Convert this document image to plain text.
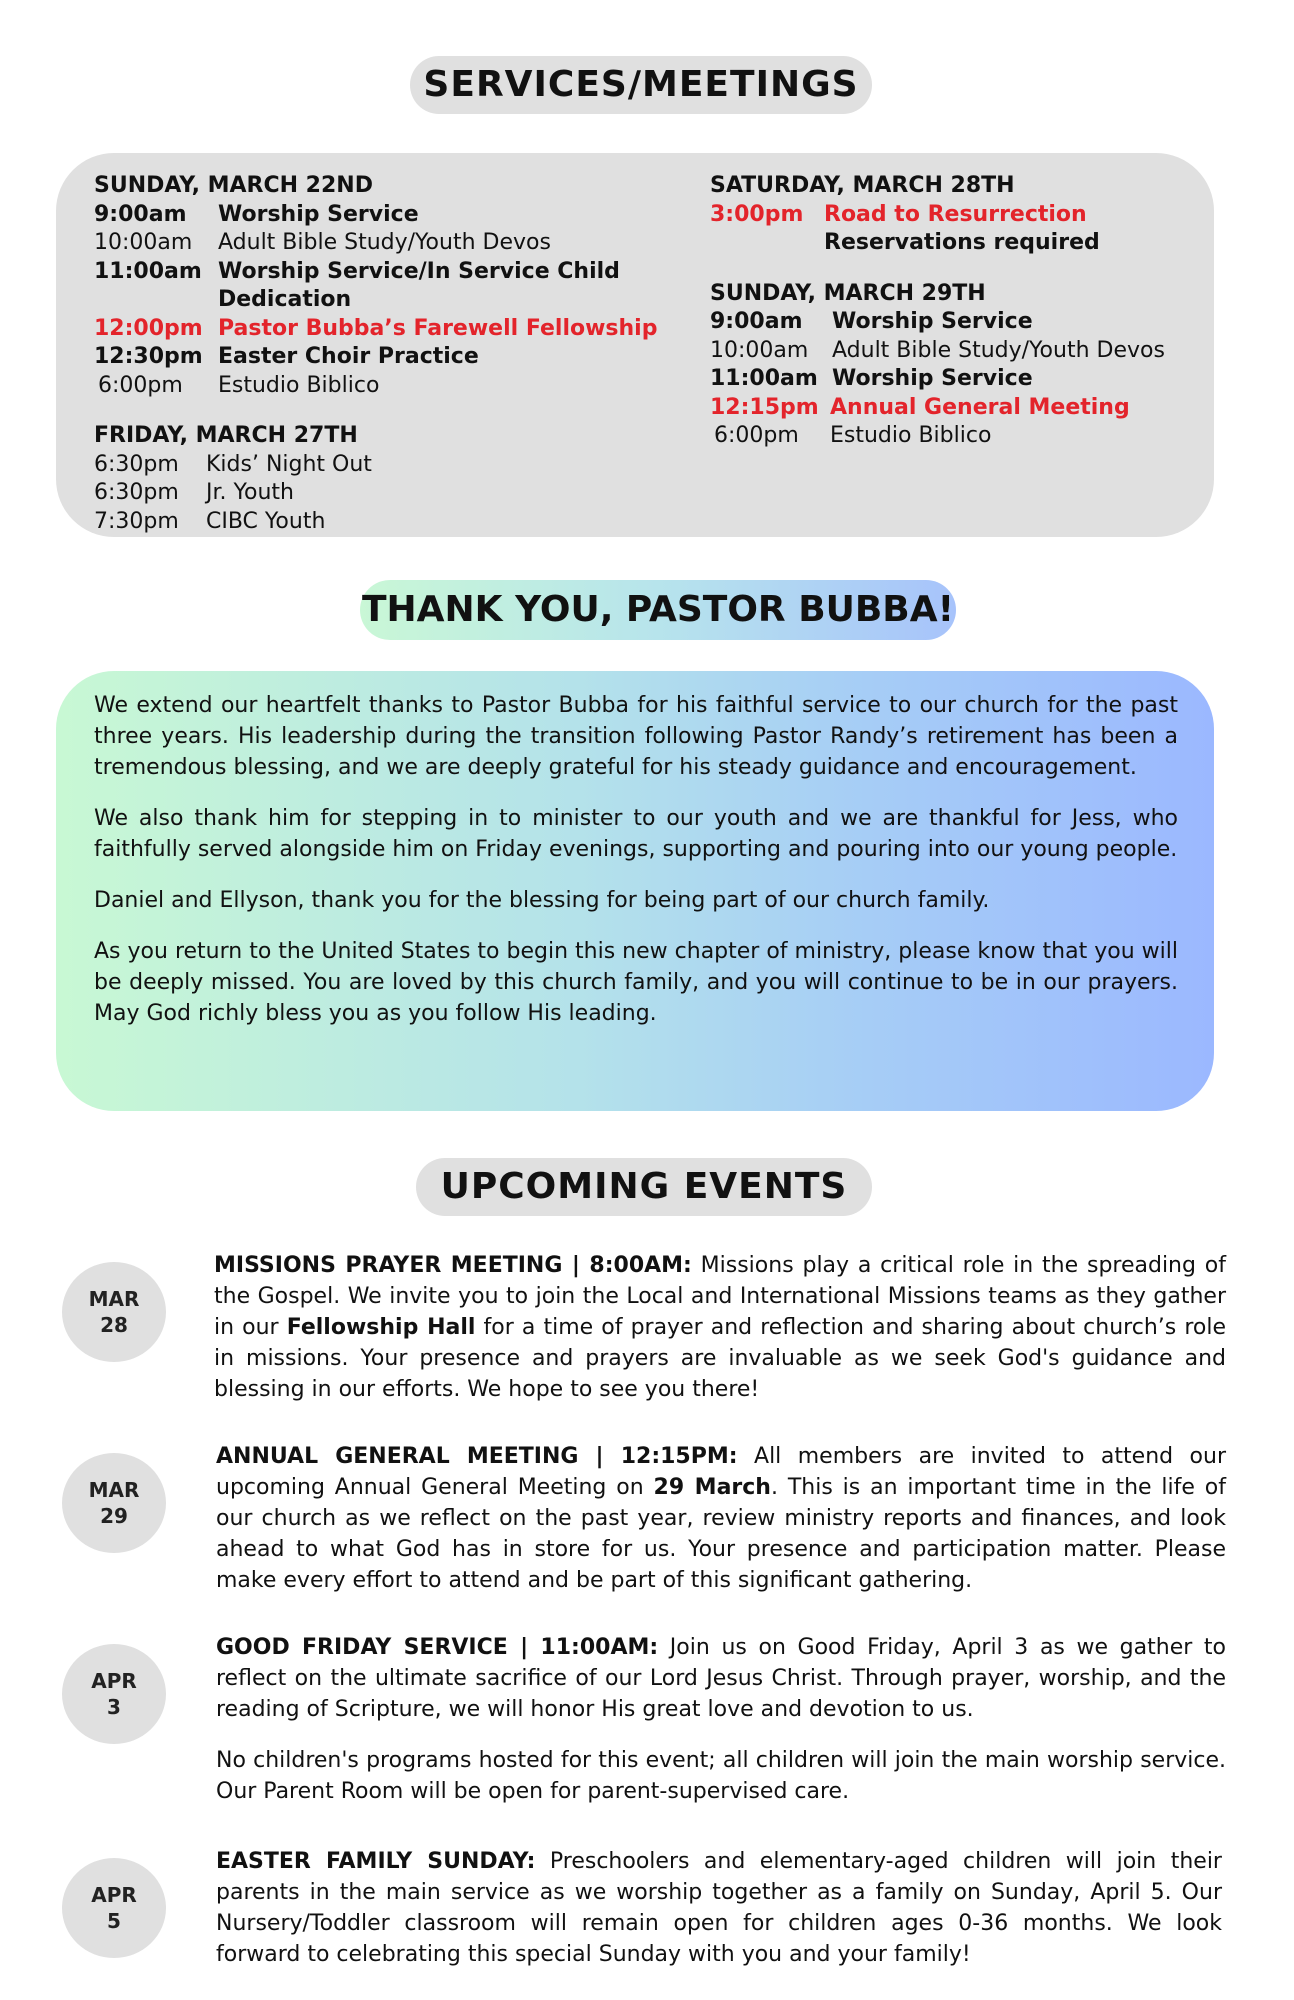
SERVICES/MEETINGS
SUNDAY, MARCH 22ND
9:00am	Worship Service
10:00am	Adult Bible Study/Youth Devos
11:00am Worship Service/In Service Child
Dedication
12:00pm Pastor Bubba’s Farewell Fellowship
12:30pm Easter Choir Practice
6:00pm	Estudio Biblico
FRIDAY, MARCH 27TH
6:30pm	Kids’ Night Out
6:30pm	Jr. Youth
7:30pm	CIBC Youth
SATURDAY, MARCH 28TH
3:00pm Road to Resurrection
Reservations required
SUNDAY, MARCH 29TH
9:00am	Worship Service
10:00am	Adult Bible Study/Youth Devos
11:00am Worship Service
12:15pm Annual General Meeting
6:00pm	Estudio Biblico
THANK YOU, PASTOR BUBBA!

We extend our heartfelt thanks to Pastor Bubba for his faithful service to our church for the past three years. His leadership during the transition following Pastor Randy’s retirement has been a tremendous blessing, and we are deeply grateful for his steady guidance and encouragement.

We also thank him for stepping in to minister to our youth and we are thankful for Jess, who faithfully served alongside him on Friday evenings, supporting and pouring into our young people.

Daniel and Ellyson, thank you for the blessing for being part of our church family.

As you return to the United States to begin this new chapter of ministry, please know that you will be deeply missed. You are loved by this church family, and you will continue to be in our prayers. May God richly bless you as you follow His leading.

UPCOMING EVENTS
MAR
28

MISSIONS PRAYER MEETING | 8:00AM: Missions play a critical role in the spreading of the Gospel. We invite you to join the Local and International Missions teams as they gather in our Fellowship Hall for a time of prayer and reflection and sharing about church’s role in missions. Your presence and prayers are invaluable as we seek God's guidance and blessing in our efforts. We hope to see you there!

MAR
29

ANNUAL GENERAL MEETING | 12:15PM: All members are invited to attend our upcoming Annual General Meeting on 29 March. This is an important time in the life of our church as we reflect on the past year, review ministry reports and finances, and look ahead to what God has in store for us. Your presence and participation matter. Please make every effort to attend and be part of this significant gathering.

APR
3

GOOD FRIDAY SERVICE | 11:00AM: Join us on Good Friday, April 3 as we gather to reflect on the ultimate sacrifice of our Lord Jesus Christ. Through prayer, worship, and the reading of Scripture, we will honor His great love and devotion to us.

No children's programs hosted for this event; all children will join the main worship service. Our Parent Room will be open for parent-supervised care.

APR
5

EASTER FAMILY SUNDAY: Preschoolers and elementary-aged children will join their parents in the main service as we worship together as a family on Sunday, April 5. Our Nursery/Toddler classroom will remain open for children ages 0-36 months. We look forward to celebrating this special Sunday with you and your family!
